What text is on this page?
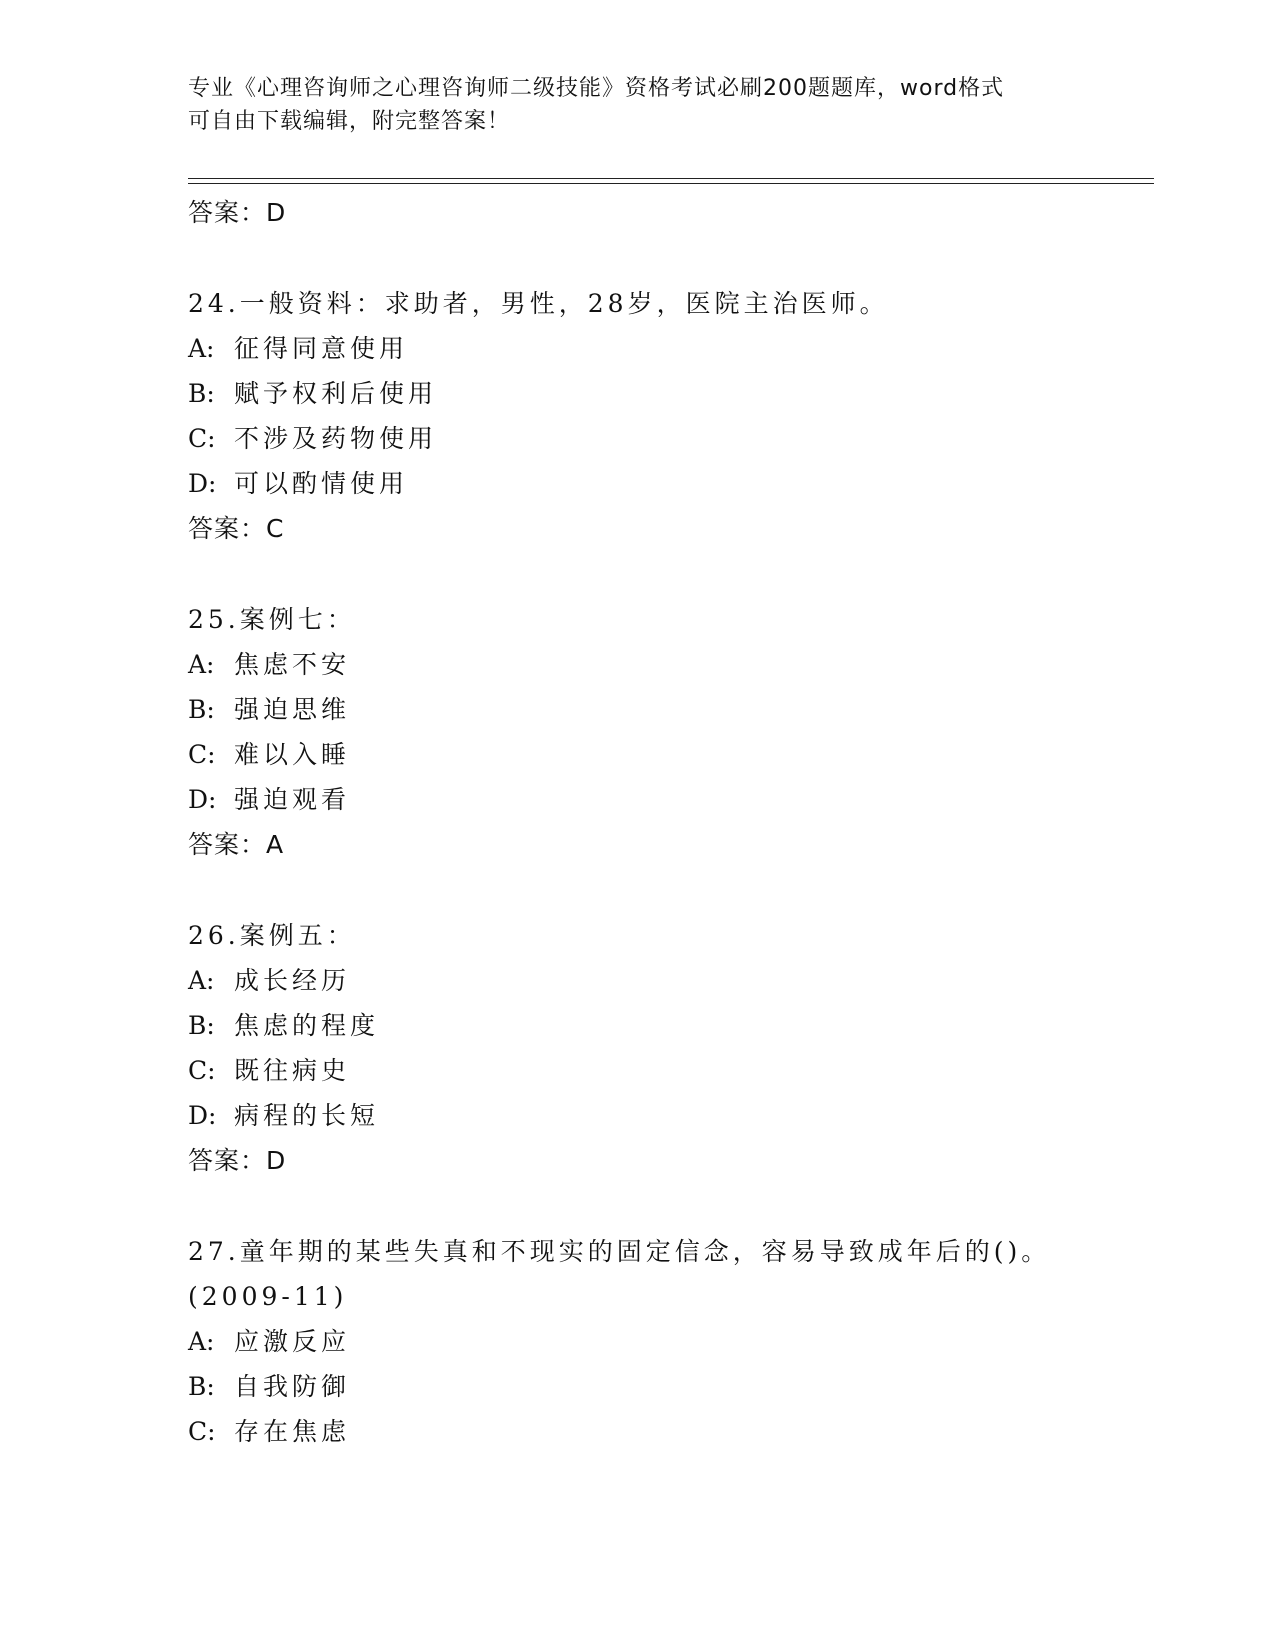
专业《心理咨询师之心理咨询师二级技能》资格考试必刷200题题库，word格式
可自由下载编辑，附完整答案！
答案：D
24.一般资料：求助者，男性，28岁，医院主治医师。
A: 征得同意使用
B: 赋予权利后使用
C: 不涉及药物使用
D: 可以酌情使用
答案：C
25.案例七：
A: 焦虑不安
B: 强迫思维
C: 难以入睡
D: 强迫观看
答案：A
26.案例五：
A: 成长经历
B: 焦虑的程度
C: 既往病史
D: 病程的长短
答案：D
27.童年期的某些失真和不现实的固定信念，容易导致成年后的()。
(2009-11)
A: 应激反应
B: 自我防御
C: 存在焦虑
